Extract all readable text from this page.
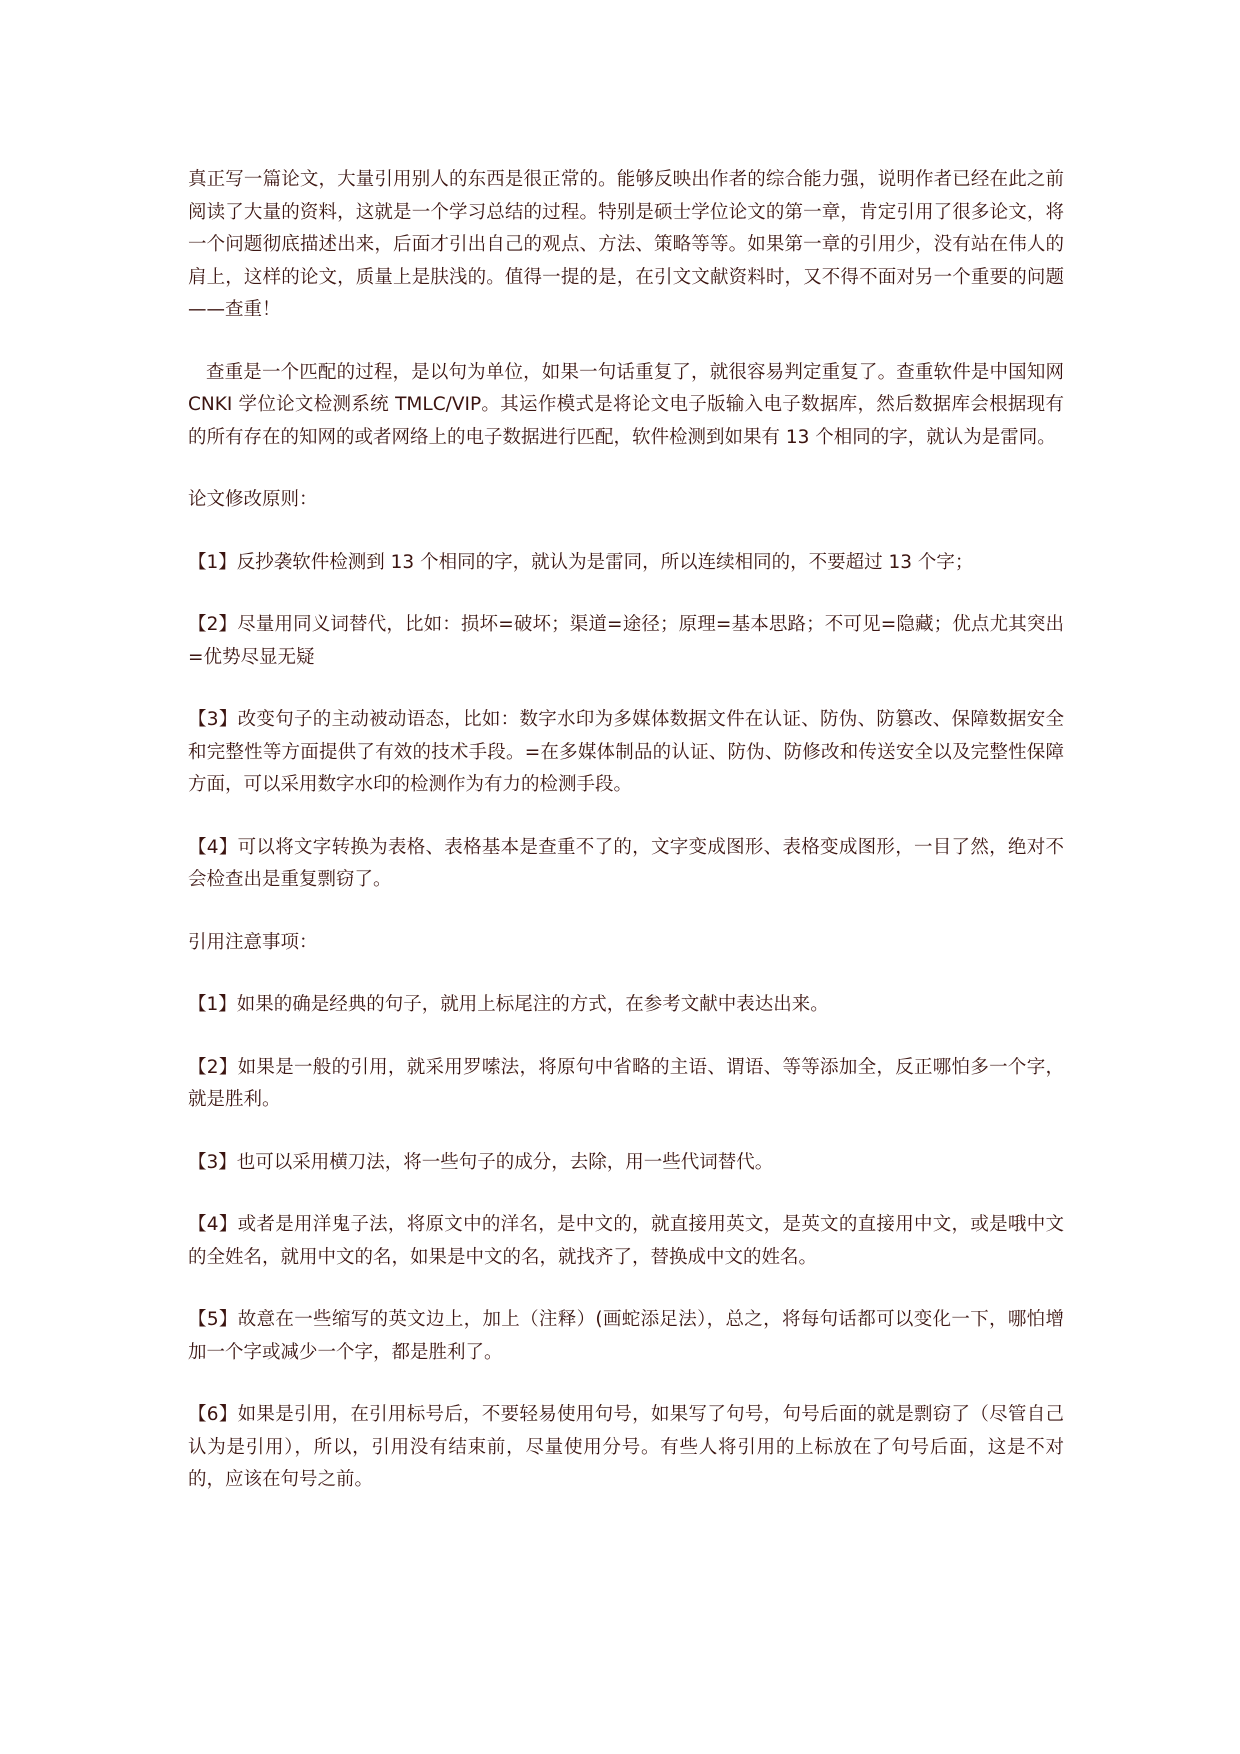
真正写一篇论文，大量引用别人的东西是很正常的。能够反映出作者的综合能力强，说明作者已经在此之前阅读了大量的资料，这就是一个学习总结的过程。特别是硕士学位论文的第一章，肯定引用了很多论文，将一个问题彻底描述出来，后面才引出自己的观点、方法、策略等等。如果第一章的引用少，没有站在伟人的肩上，这样的论文，质量上是肤浅的。值得一提的是，在引文文献资料时，又不得不面对另一个重要的问题——查重！

查重是一个匹配的过程，是以句为单位，如果一句话重复了，就很容易判定重复了。查重软件是中国知网 CNKI 学位论文检测系统 TMLC/VIP。其运作模式是将论文电子版输入电子数据库，然后数据库会根据现有的所有存在的知网的或者网络上的电子数据进行匹配，软件检测到如果有 13 个相同的字，就认为是雷同。

论文修改原则：

【1】反抄袭软件检测到 13 个相同的字，就认为是雷同，所以连续相同的，不要超过 13 个字；

【2】尽量用同义词替代，比如：损坏=破坏；渠道=途径；原理=基本思路；不可见=隐藏；优点尤其突出=优势尽显无疑

【3】改变句子的主动被动语态，比如：数字水印为多媒体数据文件在认证、防伪、防篡改、保障数据安全和完整性等方面提供了有效的技术手段。=在多媒体制品的认证、防伪、防修改和传送安全以及完整性保障方面，可以采用数字水印的检测作为有力的检测手段。

【4】可以将文字转换为表格、表格基本是查重不了的，文字变成图形、表格变成图形，一目了然，绝对不会检查出是重复剽窃了。

引用注意事项：

【1】如果的确是经典的句子，就用上标尾注的方式，在参考文献中表达出来。

【2】如果是一般的引用，就采用罗嗦法，将原句中省略的主语、谓语、等等添加全，反正哪怕多一个字，就是胜利。

【3】也可以采用横刀法，将一些句子的成分，去除，用一些代词替代。

【4】或者是用洋鬼子法，将原文中的洋名，是中文的，就直接用英文，是英文的直接用中文，或是哦中文的全姓名，就用中文的名，如果是中文的名，就找齐了，替换成中文的姓名。

【5】故意在一些缩写的英文边上，加上（注释）(画蛇添足法），总之，将每句话都可以变化一下，哪怕增加一个字或减少一个字，都是胜利了。

【6】如果是引用，在引用标号后，不要轻易使用句号，如果写了句号，句号后面的就是剽窃了（尽管自己认为是引用），所以，引用没有结束前，尽量使用分号。有些人将引用的上标放在了句号后面，这是不对的，应该在句号之前。
